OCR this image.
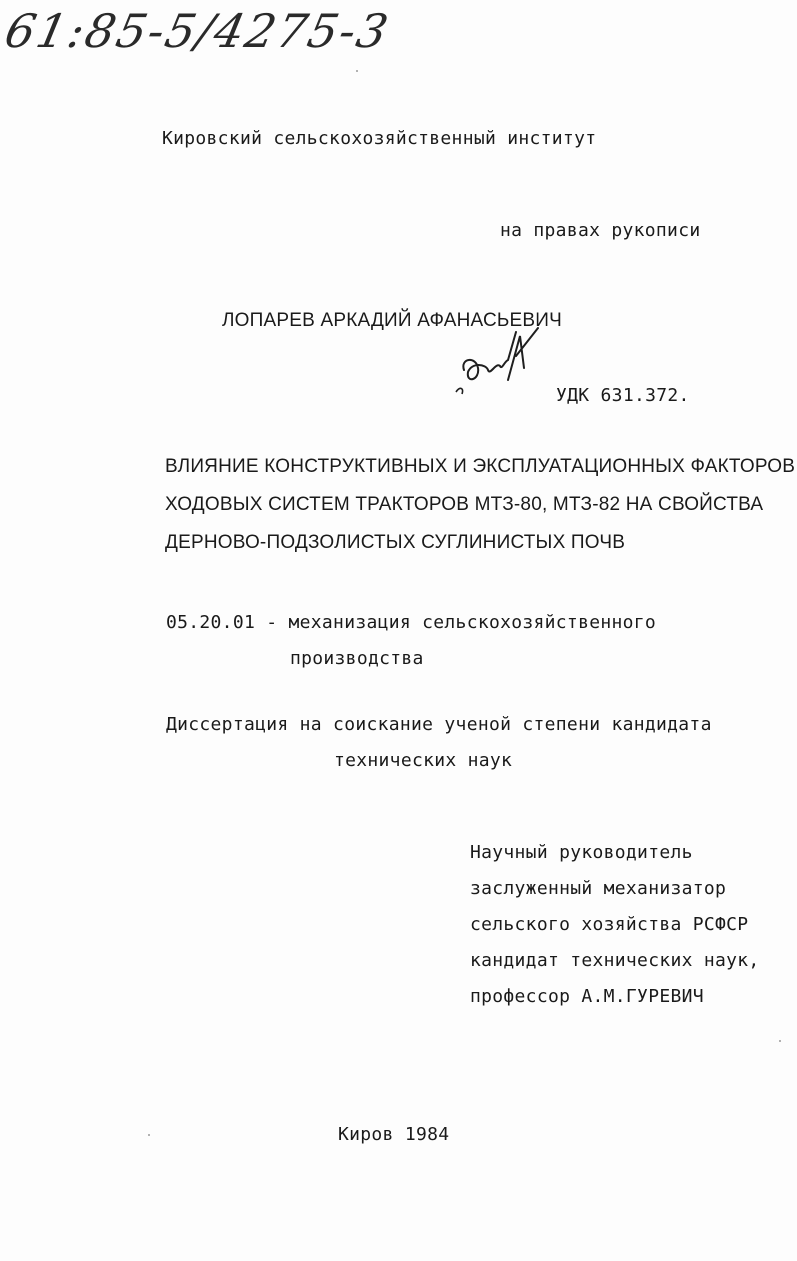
61:85-5/4275-3
Кировский сельскохозяйственный институт
на правах рукописи
ЛОПАРЕВ АРКАДИЙ АФАНАСЬЕВИЧ
УДК 631.372.
ВЛИЯНИЕ КОНСТРУКТИВНЫХ И ЭКСПЛУАТАЦИОННЫХ ФАКТОРОВ
ХОДОВЫХ СИСТЕМ ТРАКТОРОВ МТЗ-80, МТЗ-82 НА СВОЙСТВА
ДЕРНОВО-ПОДЗОЛИСТЫХ СУГЛИНИСТЫХ ПОЧВ
05.20.01 - механизация сельскохозяйственного
производства
Диссертация на соискание ученой степени кандидата
технических наук
Научный руководитель
заслуженный механизатор
сельского хозяйства РСФСР
кандидат технических наук,
профессор А.М.ГУРЕВИЧ
Киров 1984
